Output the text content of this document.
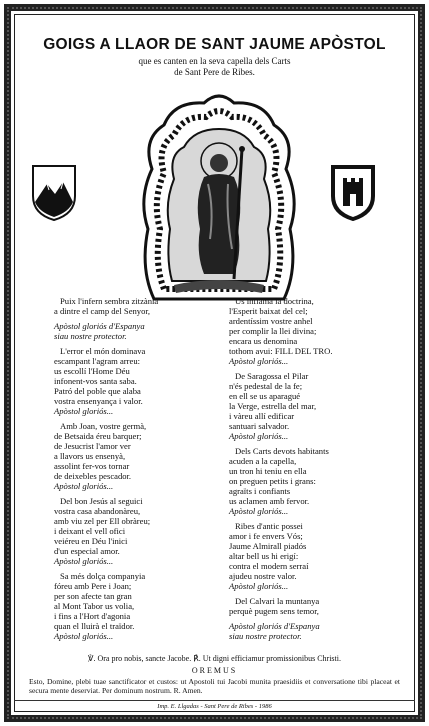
GOIGS A LLAOR DE SANT JAUME APÒSTOL
que es canten en la seva capella dels Carts
de Sant Pere de Ribes.
Puix l'infern sembra zitzània
a dintre el camp del Senyor,
Apòstol gloriós d'Espanya
siau nostre protector.
L'error el món dominava
escampant l'agram arreu:
us escollí l'Home Déu
infonent-vos santa saba.
Patró del poble que alaba
vostra ensenyança i valor.
Apòstol gloriós...
Amb Joan, vostre germà,
de Betsaida éreu barquer;
de Jesucrist l'amor ver
a llavors us ensenyà,
assolint fer-vos tornar
de deixebles pescador.
Apòstol gloriós...
Del bon Jesús al seguici
vostra casa abandonàreu,
amb viu zel per Ell obràreu;
i deixant el vell ofici
veiéreu en Déu l'inici
d'un especial amor.
Apòstol gloriós...
Sa més dolça companyia
fóreu amb Pere i Joan;
per son afecte tan gran
al Mont Tabor us volia,
i fins a l'Hort d'agonia
quan el lluirà el traïdor.
Apòstol gloriós...
Us inflamà la doctrina,
l'Esperit baixat del cel;
ardentíssim vostre anhel
per complir la llei divina;
encara us denomina
tothom avui: FILL DEL TRO.
Apòstol gloriós...
De Saragossa el Pilar
n'és pedestal de la fe;
en ell se us aparagué
la Verge, estrella del mar,
i vàreu allí edificar
santuari salvador.
Apòstol gloriós...
Dels Carts devots habitants
acuden a la capella,
un tron hi teniu en ella
on preguen petits i grans:
agraïts i confiants
us aclamen amb fervor.
Apòstol gloriós...
Ribes d'antic possei
amor i fe envers Vós;
Jaume Almirall piadós
altar bell us hi erigí:
contra el modern serraí
ajudeu nostre valor.
Apòstol gloriós...
Del Calvari la muntanya
perquè pugem sens temor,
Apòstol gloriós d'Espanya
siau nostre protector.
℣. Ora pro nobis, sancte Jacobe. ℟. Ut digni efficiamur promissionibus Christi.
OREMUS
Esto, Domine, plebi tuae sanctificator et custos: ut Apostoli tui Jacobi munita praesidiis et conversatione tibi placeat et secura mente deserviat. Per dominum nostrum. R. Amen.
Imp. E. Llgadas - Sant Pere de Ribes - 1986
